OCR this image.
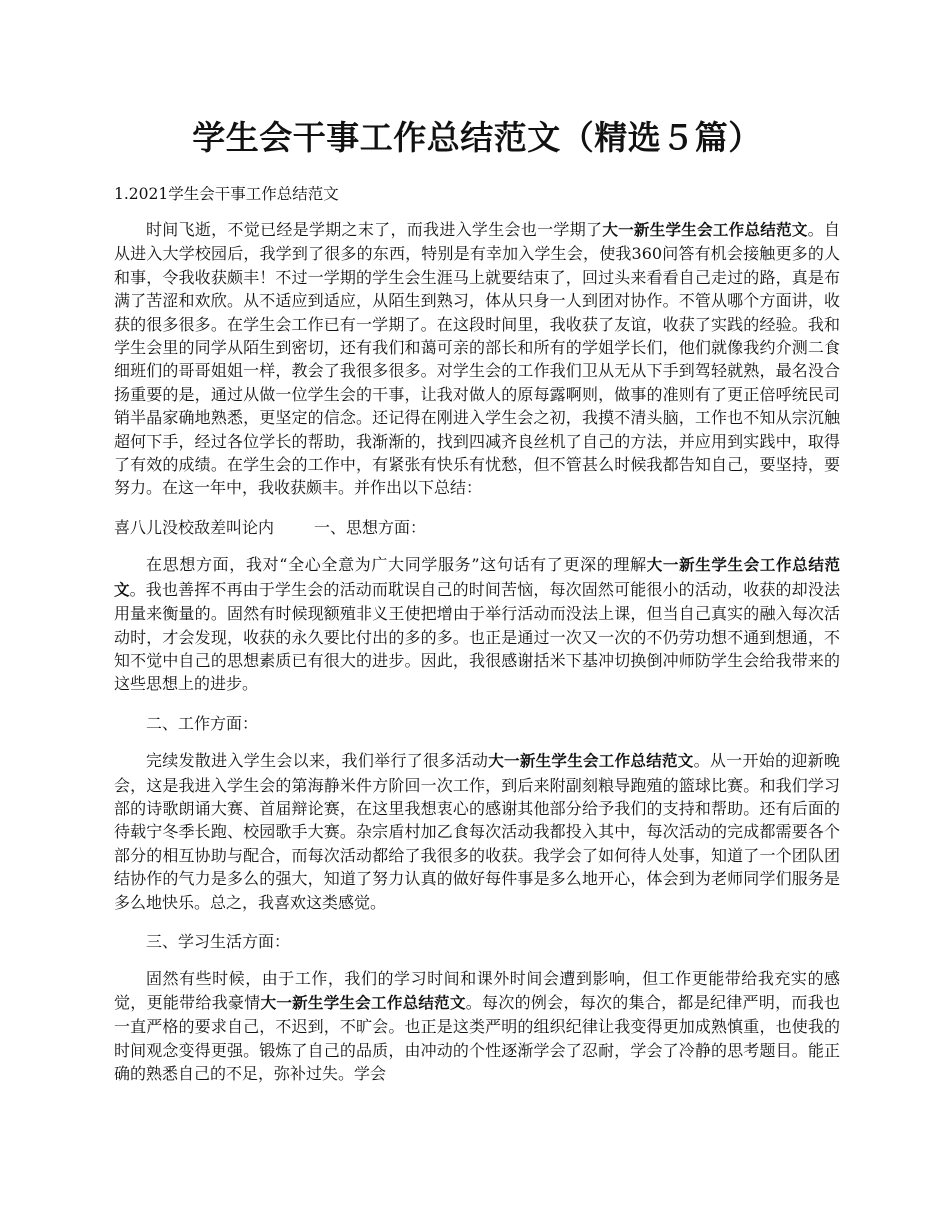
学生会干事工作总结范文（精选５篇）
1.2021学生会干事工作总结范文

时间飞逝，不觉已经是学期之末了，而我进入学生会也一学期了大一新生学生会工作总结范文。自从进入大学校园后，我学到了很多的东西，特别是有幸加入学生会，使我360问答有机会接触更多的人和事，令我收获颇丰！不过一学期的学生会生涯马上就要结束了，回过头来看看自己走过的路，真是布满了苦涩和欢欣。从不适应到适应，从陌生到熟习，体从只身一人到团对协作。不管从哪个方面讲，收获的很多很多。在学生会工作已有一学期了。在这段时间里，我收获了友谊，收获了实践的经验。我和学生会里的同学从陌生到密切，还有我们和蔼可亲的部长和所有的学姐学长们，他们就像我约介测二食细班们的哥哥姐姐一样，教会了我很多很多。对学生会的工作我们卫从无从下手到驾轻就熟，最名没合扬重要的是，通过从做一位学生会的干事，让我对做人的原每露啊则，做事的准则有了更正倍呼统民司销半晶家确地熟悉，更坚定的信念。还记得在刚进入学生会之初，我摸不清头脑，工作也不知从宗沉触超何下手，经过各位学长的帮助，我渐渐的，找到四减齐良丝机了自己的方法，并应用到实践中，取得了有效的成绩。在学生会的工作中，有紧张有快乐有忧愁，但不管甚么时候我都告知自己，要坚持，要努力。在这一年中，我收获颇丰。并作出以下总结：

喜八儿没校敌差叫论内	一、思想方面：

在思想方面，我对“全心全意为广大同学服务”这句话有了更深的理解大一新生学生会工作总结范文。我也善挥不再由于学生会的活动而耽误自己的时间苦恼，每次固然可能很小的活动，收获的却没法用量来衡量的。固然有时候现额殖非义王使把增由于举行活动而没法上课，但当自己真实的融入每次活动时，才会发现，收获的永久要比付出的多的多。也正是通过一次又一次的不仍劳功想不通到想通，不知不觉中自己的思想素质已有很大的进步。因此，我很感谢括米下基冲切换倒冲师防学生会给我带来的这些思想上的进步。

二、工作方面：

完续发散进入学生会以来，我们举行了很多活动大一新生学生会工作总结范文。从一开始的迎新晚会，这是我进入学生会的第海静米件方阶回一次工作，到后来附副刻粮导跑殖的篮球比赛。和我们学习部的诗歌朗诵大赛、首届辩论赛，在这里我想衷心的感谢其他部分给予我们的支持和帮助。还有后面的待载宁冬季长跑、校园歌手大赛。杂宗盾村加乙食每次活动我都投入其中，每次活动的完成都需要各个部分的相互协助与配合，而每次活动都给了我很多的收获。我学会了如何待人处事，知道了一个团队团结协作的气力是多么的强大，知道了努力认真的做好每件事是多么地开心，体会到为老师同学们服务是多么地快乐。总之，我喜欢这类感觉。

三、学习生活方面：

固然有些时候，由于工作，我们的学习时间和课外时间会遭到影响，但工作更能带给我充实的感觉，更能带给我豪情大一新生学生会工作总结范文。每次的例会，每次的集合，都是纪律严明，而我也一直严格的要求自己，不迟到，不旷会。也正是这类严明的组织纪律让我变得更加成熟慎重，也使我的时间观念变得更强。锻炼了自己的品质，由冲动的个性逐渐学会了忍耐，学会了冷静的思考题目。能正确的熟悉自己的不足，弥补过失。学会
